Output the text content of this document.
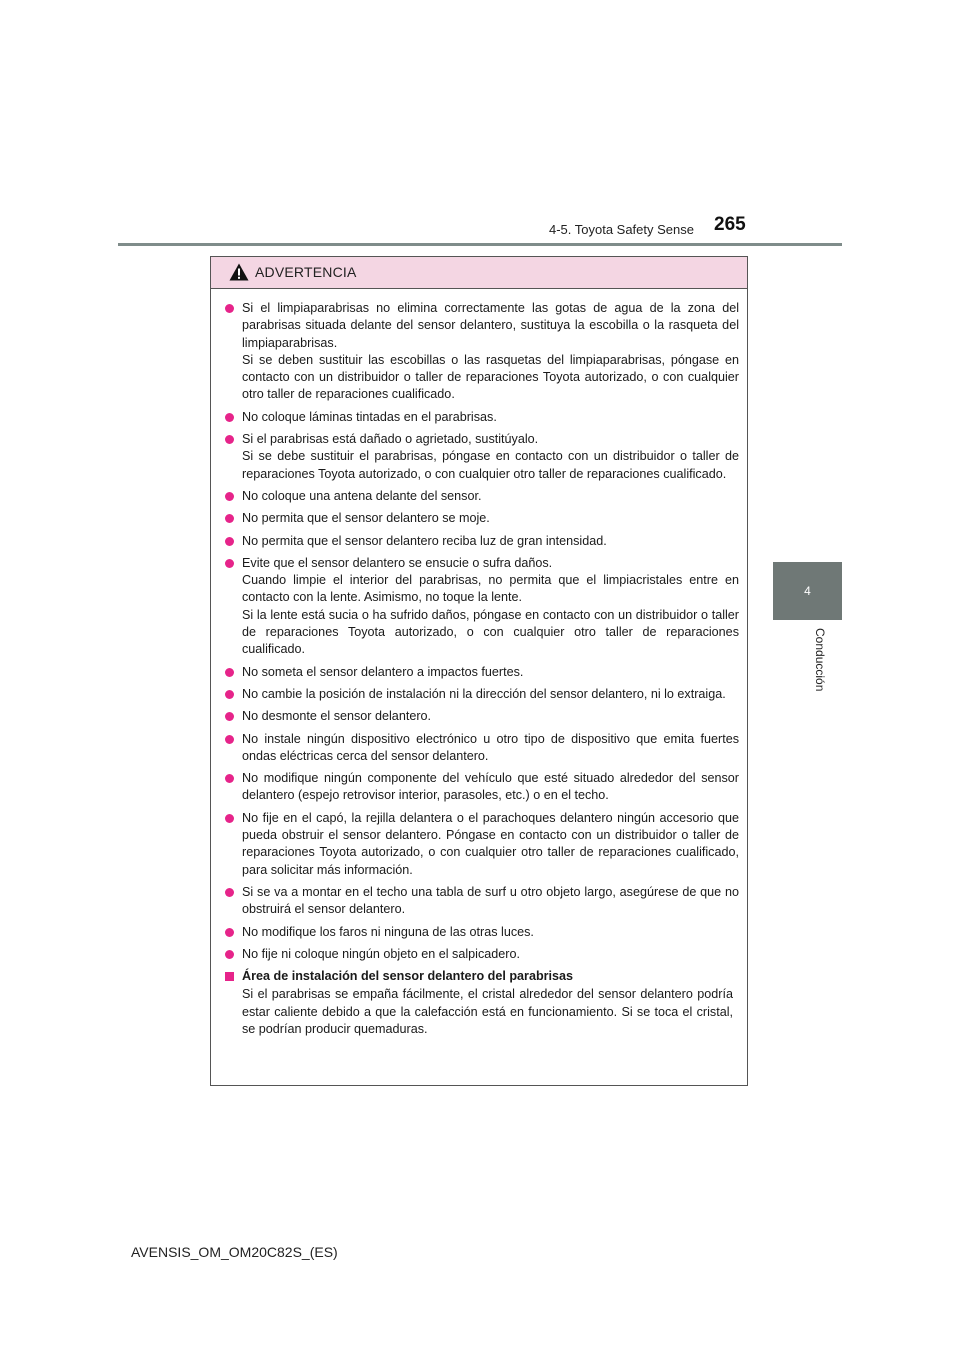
4-5. Toyota Safety Sense 265
4
Conducción
ADVERTENCIA

Si el limpiaparabrisas no elimina correctamente las gotas de agua de la zona del parabrisas situada delante del sensor delantero, sustituya la escobilla o la rasqueta del limpiaparabrisas.

Si se deben sustituir las escobillas o las rasquetas del limpiaparabrisas, póngase en contacto con un distribuidor o taller de reparaciones Toyota autorizado, o con cualquier otro taller de reparaciones cualificado.

No coloque láminas tintadas en el parabrisas.

Si el parabrisas está dañado o agrietado, sustitúyalo.

Si se debe sustituir el parabrisas, póngase en contacto con un distribuidor o taller de reparaciones Toyota autorizado, o con cualquier otro taller de reparaciones cualificado.

No coloque una antena delante del sensor.

No permita que el sensor delantero se moje.

No permita que el sensor delantero reciba luz de gran intensidad.

Evite que el sensor delantero se ensucie o sufra daños.

Cuando limpie el interior del parabrisas, no permita que el limpiacristales entre en contacto con la lente. Asimismo, no toque la lente.

Si la lente está sucia o ha sufrido daños, póngase en contacto con un distribuidor o taller de reparaciones Toyota autorizado, o con cualquier otro taller de reparaciones cualificado.

No someta el sensor delantero a impactos fuertes.

No cambie la posición de instalación ni la dirección del sensor delantero, ni lo extraiga.

No desmonte el sensor delantero.

No instale ningún dispositivo electrónico u otro tipo de dispositivo que emita fuertes ondas eléctricas cerca del sensor delantero.

No modifique ningún componente del vehículo que esté situado alrededor del sensor delantero (espejo retrovisor interior, parasoles, etc.) o en el techo.

No fije en el capó, la rejilla delantera o el parachoques delantero ningún accesorio que pueda obstruir el sensor delantero. Póngase en contacto con un distribuidor o taller de reparaciones Toyota autorizado, o con cualquier otro taller de reparaciones cualificado, para solicitar más información.

Si se va a montar en el techo una tabla de surf u otro objeto largo, asegúrese de que no obstruirá el sensor delantero.

No modifique los faros ni ninguna de las otras luces.

No fije ni coloque ningún objeto en el salpicadero.

Área de instalación del sensor delantero del parabrisas

Si el parabrisas se empaña fácilmente, el cristal alrededor del sensor delantero podría estar caliente debido a que la calefacción está en funcionamiento. Si se toca el cristal, se podrían producir quemaduras.

AVENSIS_OM_OM20C82S_(ES)
